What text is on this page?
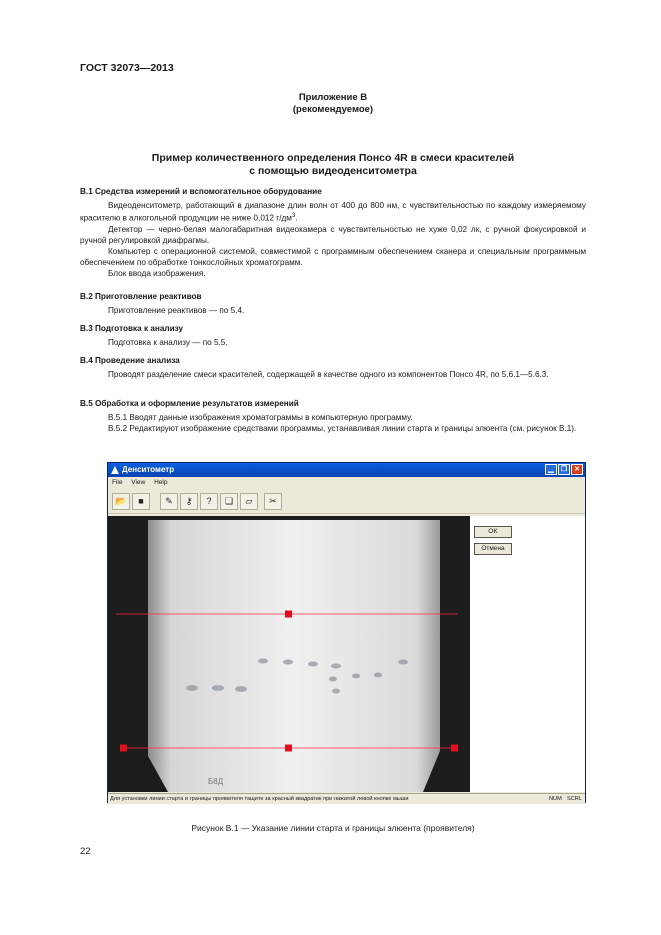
ГОСТ 32073—2013
Приложение В
(рекомендуемое)
Пример количественного определения Понсо 4R в смеси красителей
с помощью видеоденситометра
В.1 Средства измерений и вспомогательное оборудование

Видеоденситометр, работающий в диапазоне длин волн от 400 до 800 нм, с чувствительностью по каждому измеряемому красителю в алкогольной продукции не ниже 0,012 $г/дм^3$.

Детектор — черно-белая малогабаритная видеокамера с чувствительностью не хуже 0,02 лк, с ручной фокусировкой и ручной регулировкой диафрагмы.

Компьютер с операционной системой, совместимой с программным обеспечением сканера и специальным программным обеспечением по обработке тонкослойных хроматограмм.

Блок ввода изображения.

В.2 Приготовление реактивов

Приготовление реактивов — по 5.4.

В.3 Подготовка к анализу

Подготовка к анализу — по 5.5.

В.4 Проведение анализа

Проводят разделение смеси красителей, содержащей в качестве одного из компонентов Понсо 4R, по 5.6.1—5.6.3.

В.5 Обработка и оформление результатов измерений

В.5.1 Вводят данные изображения хроматограммы в компьютерную программу.

В.5.2 Редактируют изображение средствами программы, устанавливая линии старта и границы элюента (см. рисунок В.1).

Денситометр	▁	❐ ✕
File View Help
📂	■	✎	⚷	?	❏	▱	✂
Б8Д
OK
Отмена
Для установки линии старта и границы проявителя тащите за красный квадратик при нажатой левой кнопке мыши	NUM SCRL
Рисунок В.1 — Указание линии старта и границы элюента (проявителя)
22
